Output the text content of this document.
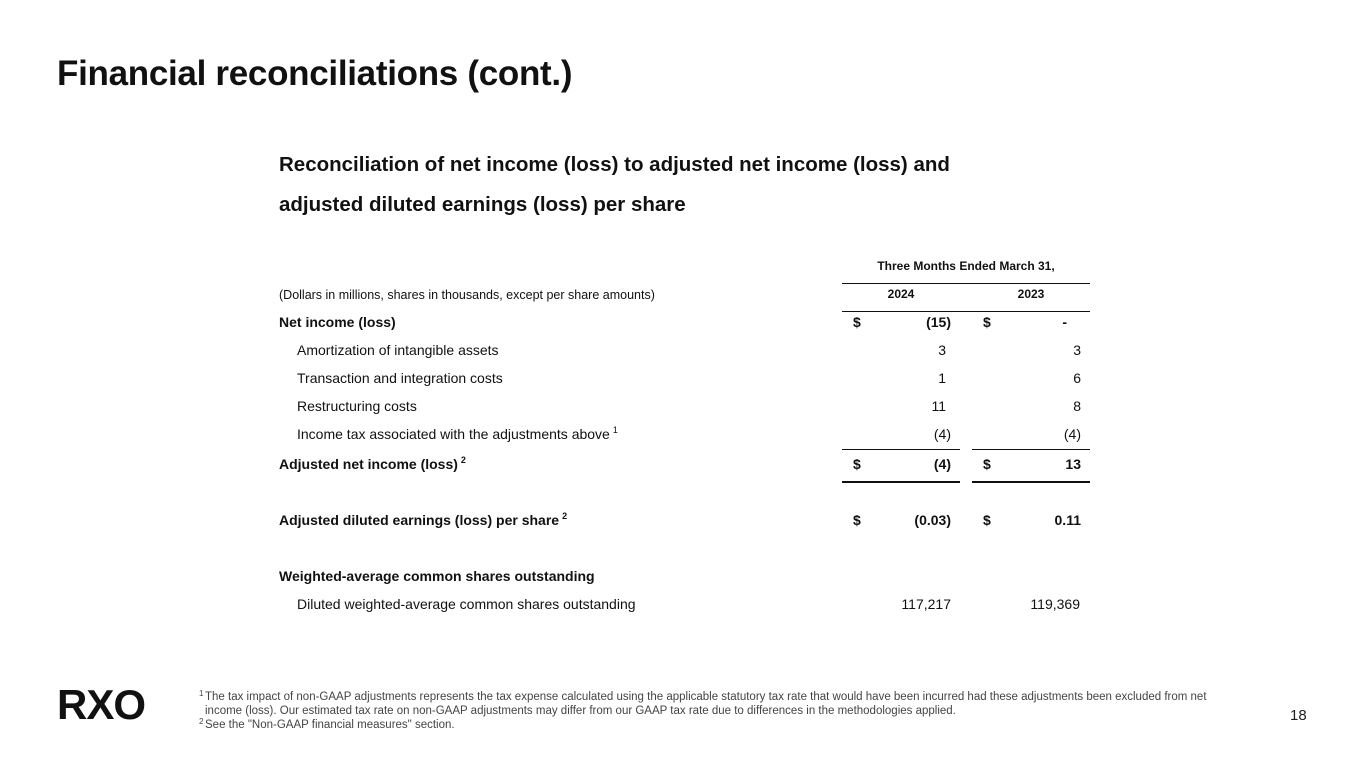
Financial reconciliations (cont.)
Reconciliation of net income (loss) to adjusted net income (loss) and
adjusted diluted earnings (loss) per share
Three Months Ended March 31,
(Dollars in millions, shares in thousands, except per share amounts)	2024	2023
Net income (loss)	$	(15) $	-
Amortization of intangible assets	3	3
Transaction and integration costs	1	6
Restructuring costs	11	8
Income tax associated with the adjustments above $^1$	(4)	(4)
Adjusted net income (loss) $^2$	$	(4) $	13
Adjusted diluted earnings (loss) per share $^2$	$	(0.03) $	0.11
Weighted-average common shares outstanding
Diluted weighted-average common shares outstanding	117,217	119,369
RXO	1 The tax impact of non-GAAP adjustments represents the tax expense calculated using the applicable statutory tax rate that would have been incurred had these adjustments been excluded from net income (loss). Our estimated tax rate on non-GAAP adjustments may differ from our GAAP tax rate due to differences in the methodologies applied.
2 See the "Non-GAAP financial measures" section.
18
